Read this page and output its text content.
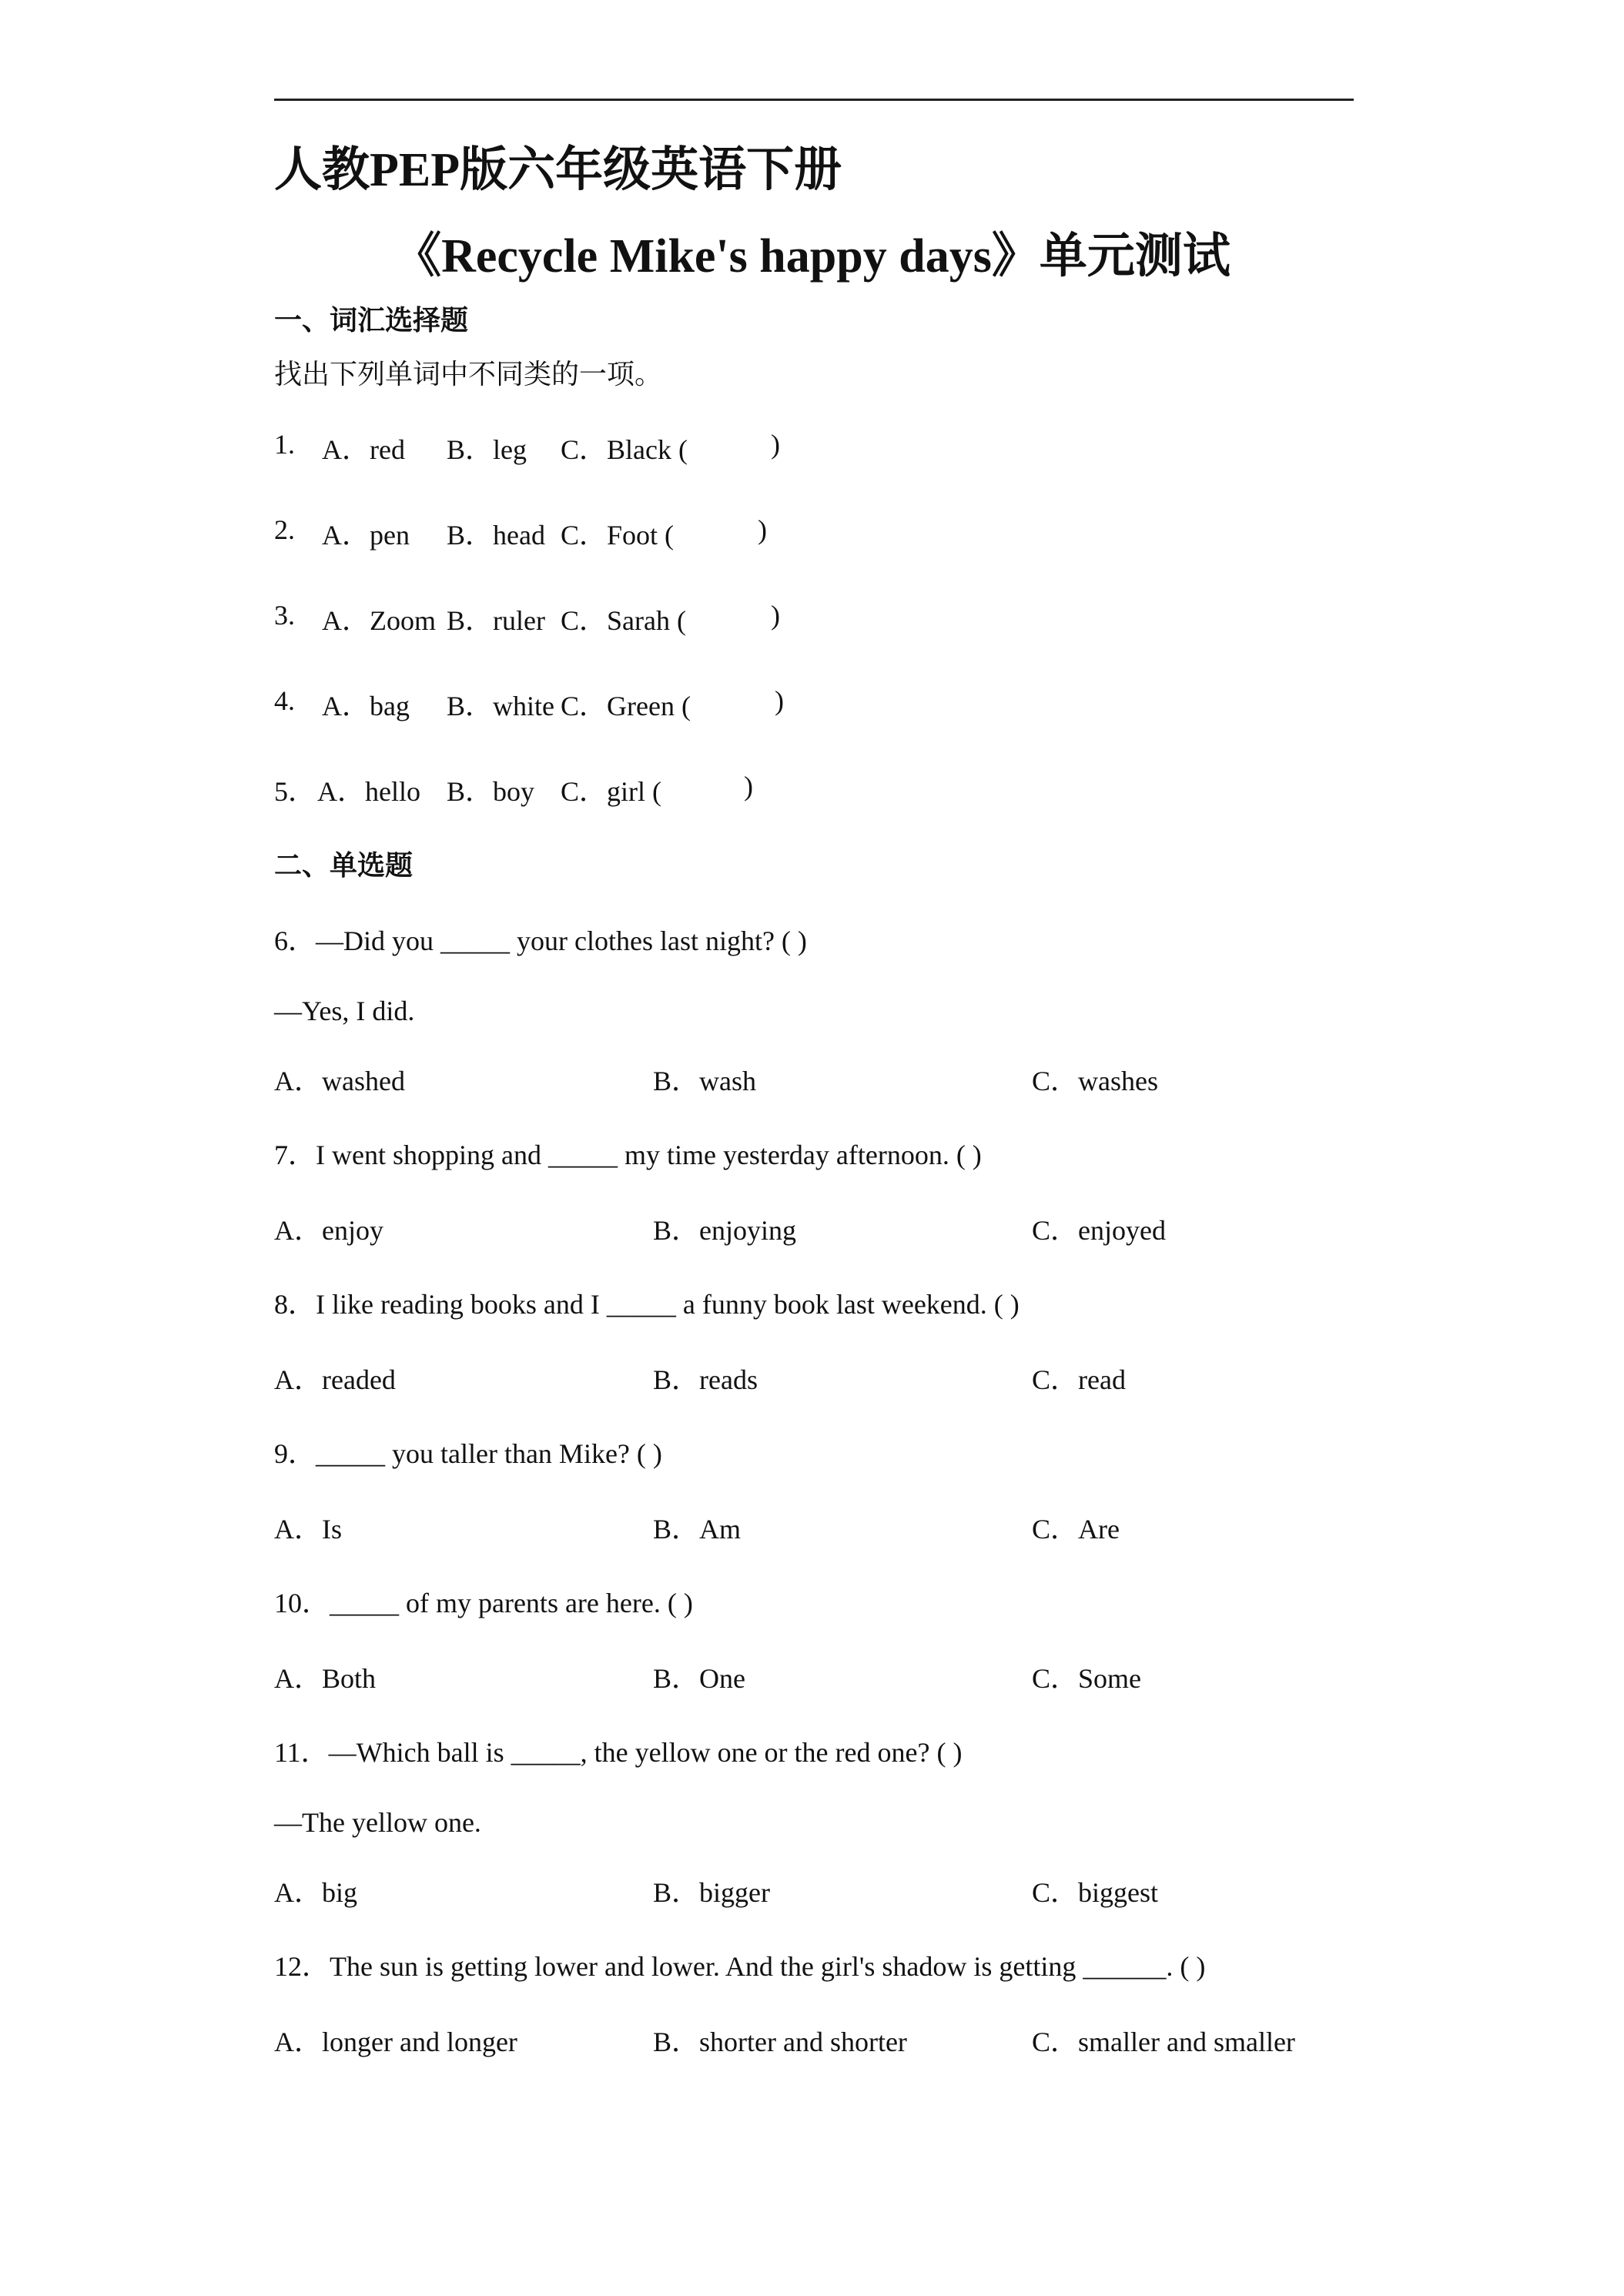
人教PEP版六年级英语下册
《Recycle Mike's happy days》单元测试
一、词汇选择题
找出下列单词中不同类的一项。
1. A．red B．leg C．Black (	)
2. A．pen B．head C．Foot (	)
3. A．Zoom B．ruler C．Sarah (	)
4. A．bag B．white C．Green (	)
5． A．hello B．boy C．girl (	)
二、单选题
6．—Did you _____ your clothes last night? ( )
—Yes, I did.
A．washed	B．wash	C．washes
7．I went shopping and _____ my time yesterday afternoon. ( )
A．enjoy	B．enjoying	C．enjoyed
8．I like reading books and I _____ a funny book last weekend. ( )
A．readed	B．reads	C．read
9．_____ you taller than Mike? ( )
A．Is	B．Am	C．Are
10．_____ of my parents are here. ( )
A．Both	B．One	C．Some
11．—Which ball is _____, the yellow one or the red one? ( )
—The yellow one.
A．big	B．bigger	C．biggest
12．The sun is getting lower and lower. And the girl's shadow is getting ______. ( )
A．longer and longer	B．shorter and shorter	C．smaller and smaller
